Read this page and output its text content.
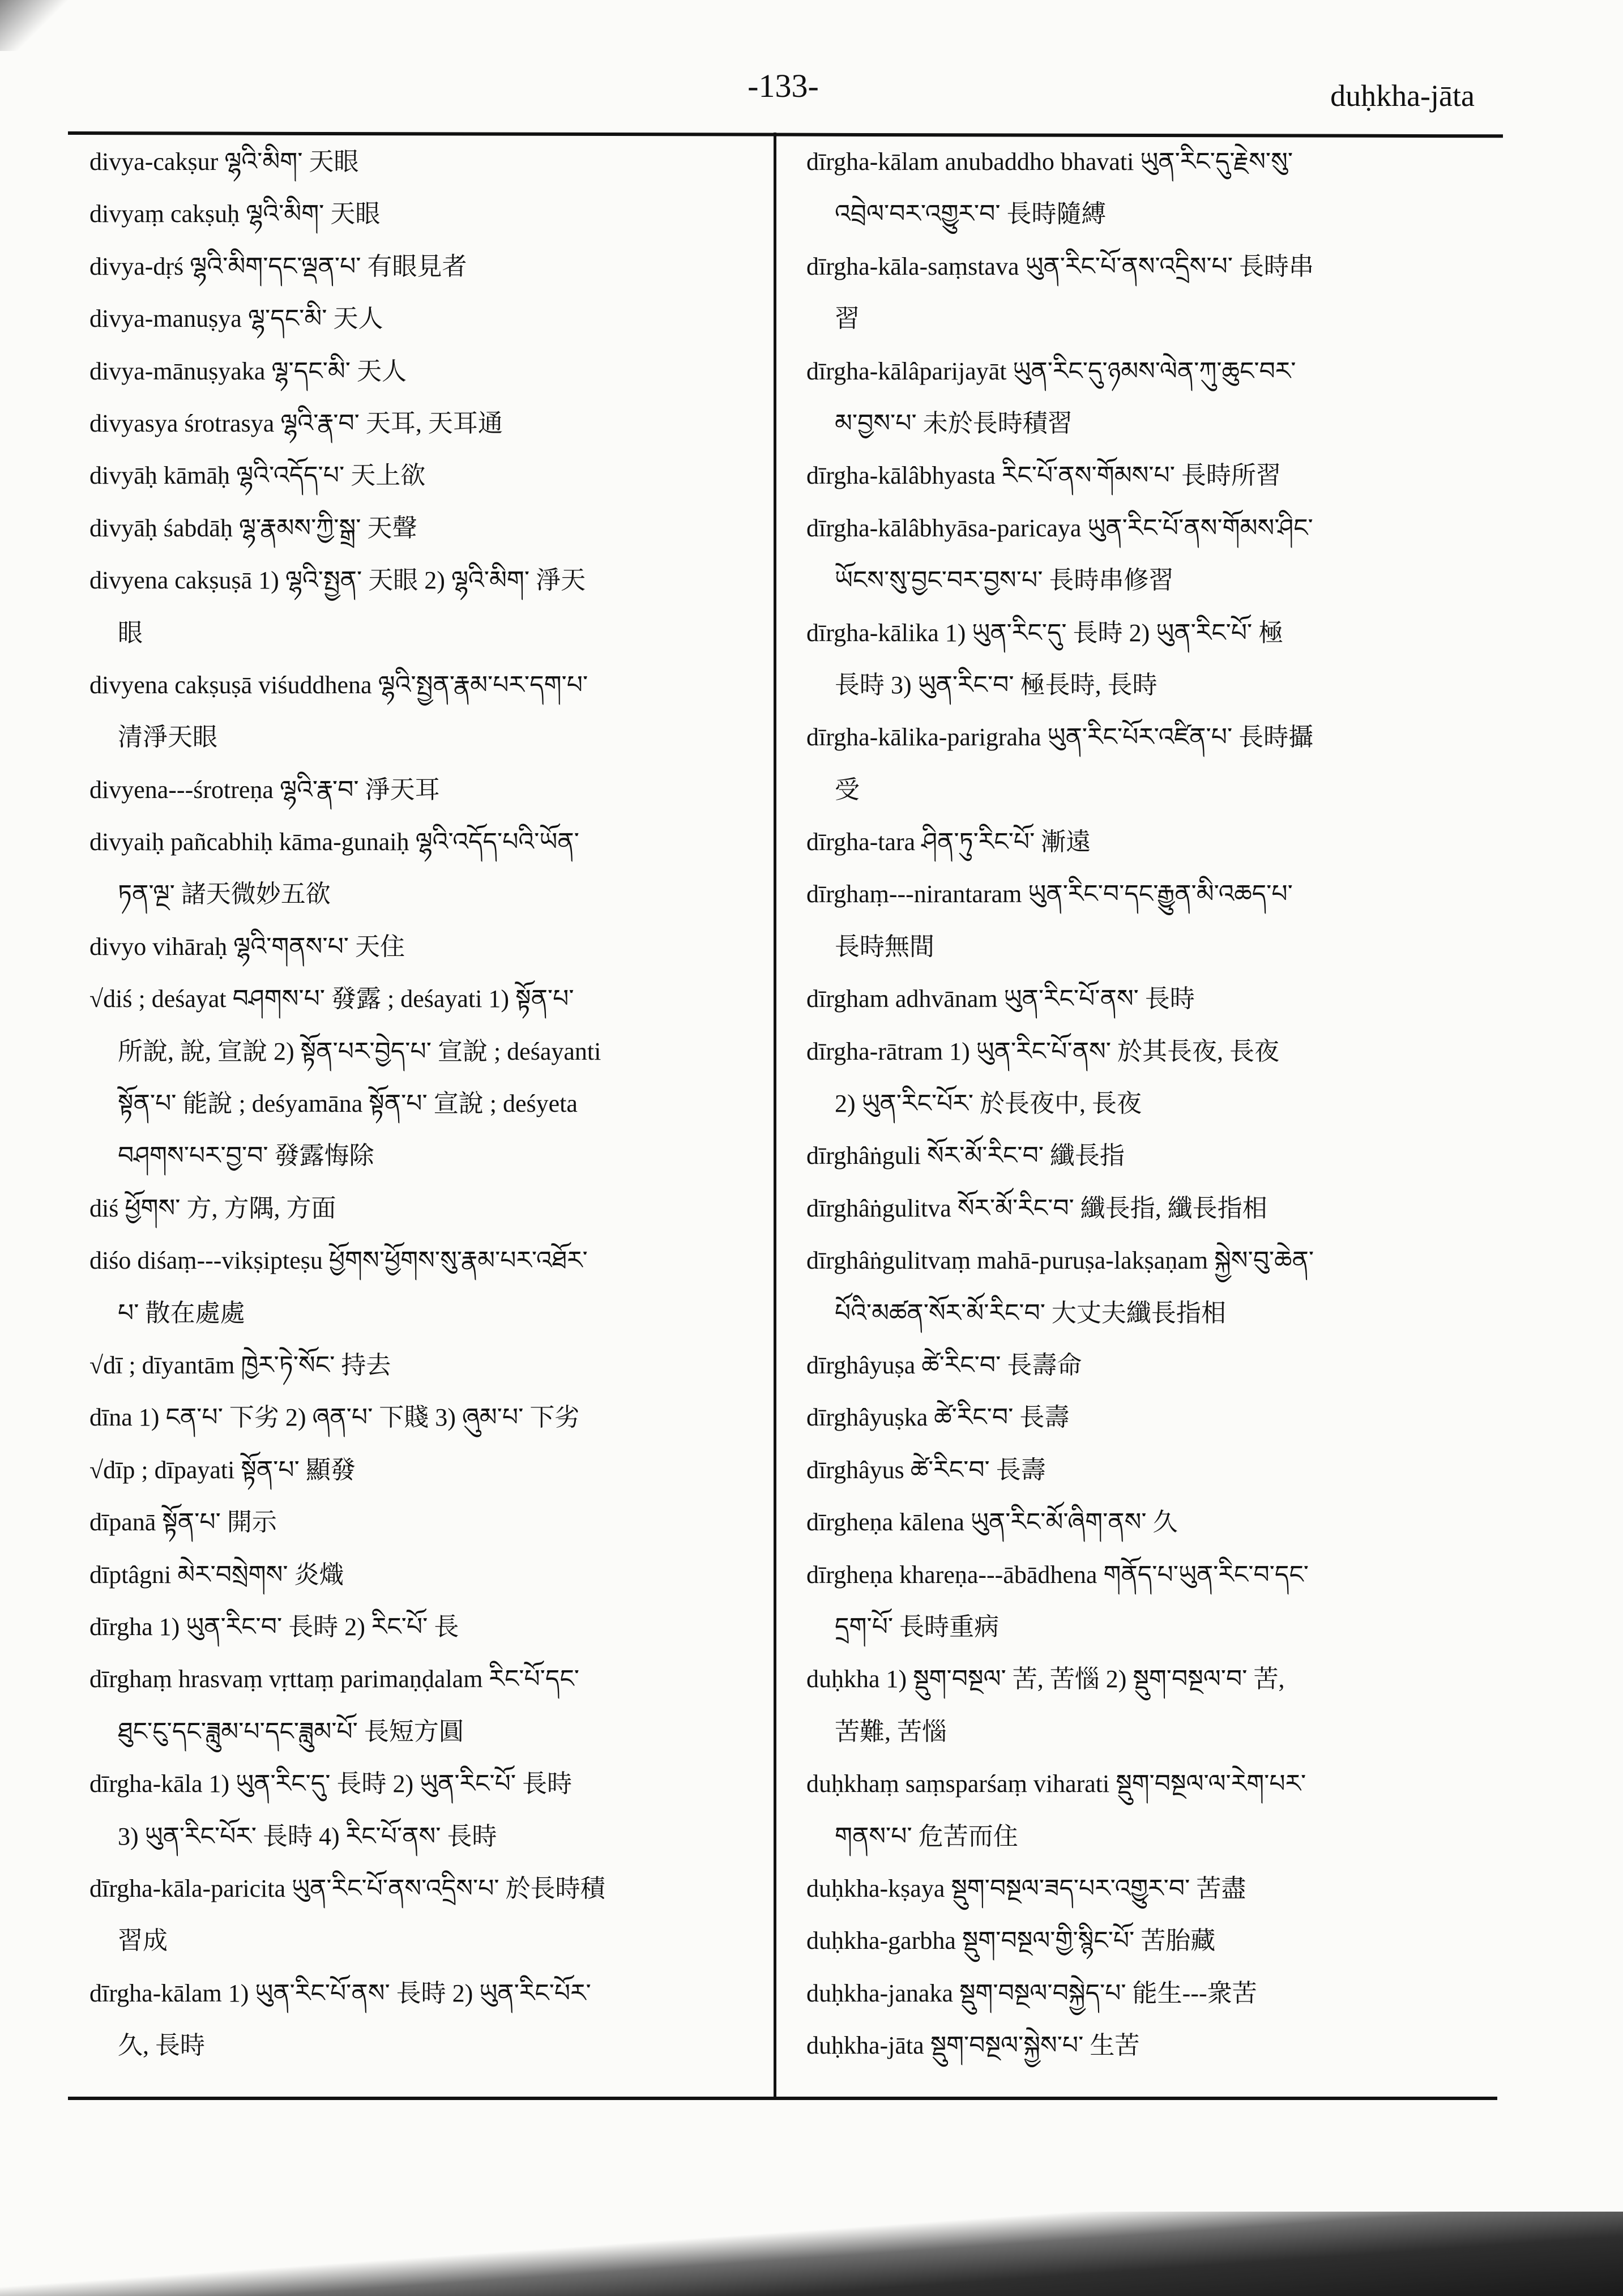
-133-	duḥkha-jāta
divya-cakṣur ལྷའི་མིག་ 天眼
divyaṃ cakṣuḥ ལྷའི་མིག་ 天眼
divya-dṛś ལྷའི་མིག་དང་ལྡན་པ་ 有眼見者
divya-manuṣya ལྷ་དང་མི་ 天人
divya-mānuṣyaka ལྷ་དང་མི་ 天人
divyasya śrotrasya ལྷའི་རྣ་བ་ 天耳, 天耳通
divyāḥ kāmāḥ ལྷའི་འདོད་པ་ 天上欲
divyāḥ śabdāḥ ལྷ་རྣམས་ཀྱི་སྒྲ་ 天聲
divyena cakṣuṣā 1) ལྷའི་སྤྱན་ 天眼 2) ལྷའི་མིག་ 淨天
眼
divyena cakṣuṣā viśuddhena ལྷའི་སྤྱན་རྣམ་པར་དག་པ་
清淨天眼
divyena---śrotreṇa ལྷའི་རྣ་བ་ 淨天耳
divyaiḥ pañcabhiḥ kāma-gunaiḥ ལྷའི་འདོད་པའི་ཡོན་
ཏན་ལྔ་ 諸天微妙五欲
divyo vihāraḥ ལྷའི་གནས་པ་ 天住
√diś ; deśayat བཤགས་པ་ 發露 ; deśayati 1) སྟོན་པ་
所說, 說, 宣說 2) སྟོན་པར་བྱེད་པ་ 宣說 ; deśayanti
སྟོན་པ་ 能說 ; deśyamāna སྟོན་པ་ 宣說 ; deśyeta
བཤགས་པར་བྱ་བ་ 發露悔除
diś ཕྱོགས་ 方, 方隅, 方面
diśo diśaṃ---vikṣipteṣu ཕྱོགས་ཕྱོགས་སུ་རྣམ་པར་འཐོར་
པ་ 散在處處
√dī ; dīyantām ཁྱེར་ཏེ་སོང་ 持去
dīna 1) ངན་པ་ 下劣 2) ཞན་པ་ 下賤 3) ཞུམ་པ་ 下劣
√dīp ; dīpayati སྟོན་པ་ 顯發
dīpanā སྟོན་པ་ 開示
dīptâgni མེར་བསྲེགས་ 炎熾
dīrgha 1) ཡུན་རིང་བ་ 長時 2) རིང་པོ་ 長
dīrghaṃ hrasvaṃ vṛttaṃ parimaṇḍalam རིང་པོ་དང་
ཐུང་ངུ་དང་ཟླུམ་པ་དང་ཟླུམ་པོ་ 長短方圓
dīrgha-kāla 1) ཡུན་རིང་དུ་ 長時 2) ཡུན་རིང་པོ་ 長時
3) ཡུན་རིང་པོར་ 長時 4) རིང་པོ་ནས་ 長時
dīrgha-kāla-paricita ཡུན་རིང་པོ་ནས་འདྲིས་པ་ 於長時積
習成
dīrgha-kālam 1) ཡུན་རིང་པོ་ནས་ 長時 2) ཡུན་རིང་པོར་
久, 長時
dīrgha-kālam anubaddho bhavati ཡུན་རིང་དུ་རྗེས་སུ་
འབྲེལ་བར་འགྱུར་བ་ 長時隨縛
dīrgha-kāla-saṃstava ཡུན་རིང་པོ་ནས་འདྲིས་པ་ 長時串
習
dīrgha-kālâparijayāt ཡུན་རིང་དུ་ཉམས་ལེན་ཀུ་ཆུང་བར་
མ་བྱས་པ་ 未於長時積習
dīrgha-kālâbhyasta རིང་པོ་ནས་གོམས་པ་ 長時所習
dīrgha-kālâbhyāsa-paricaya ཡུན་རིང་པོ་ནས་གོམས་ཤིང་
ཡོངས་སུ་བྱང་བར་བྱས་པ་ 長時串修習
dīrgha-kālika 1) ཡུན་རིང་དུ་ 長時 2) ཡུན་རིང་པོ་ 極
長時 3) ཡུན་རིང་བ་ 極長時, 長時
dīrgha-kālika-parigraha ཡུན་རིང་པོར་འཛིན་པ་ 長時攝
受
dīrgha-tara ཤིན་ཏུ་རིང་པོ་ 漸遠
dīrghaṃ---nirantaram ཡུན་རིང་བ་དང་རྒྱུན་མི་འཆད་པ་
長時無間
dīrgham adhvānam ཡུན་རིང་པོ་ནས་ 長時
dīrgha-rātram 1) ཡུན་རིང་པོ་ནས་ 於其長夜, 長夜
2) ཡུན་རིང་པོར་ 於長夜中, 長夜
dīrghâṅguli སོར་མོ་རིང་བ་ 纖長指
dīrghâṅgulitva སོར་མོ་རིང་བ་ 纖長指, 纖長指相
dīrghâṅgulitvaṃ mahā-puruṣa-lakṣaṇam སྐྱེས་བུ་ཆེན་
པོའི་མཚན་སོར་མོ་རིང་བ་ 大丈夫纖長指相
dīrghâyuṣa ཚེ་རིང་བ་ 長壽命
dīrghâyuṣka ཚེ་རིང་བ་ 長壽
dīrghâyus ཚེ་རིང་བ་ 長壽
dīrgheṇa kālena ཡུན་རིང་མོ་ཞིག་ནས་ 久
dīrgheṇa khareṇa---ābādhena གནོད་པ་ཡུན་རིང་བ་དང་
དྲག་པོ་ 長時重病
duḥkha 1) སྡུག་བསྔལ་ 苦, 苦惱 2) སྡུག་བསྔལ་བ་ 苦,
苦難, 苦惱
duḥkhaṃ saṃsparśaṃ viharati སྡུག་བསྔལ་ལ་རེག་པར་
གནས་པ་ 危苦而住
duḥkha-kṣaya སྡུག་བསྔལ་ཟད་པར་འགྱུར་བ་ 苦盡
duḥkha-garbha སྡུག་བསྔལ་གྱི་སྙིང་པོ་ 苦胎藏
duḥkha-janaka སྡུག་བསྔལ་བསྐྱེད་པ་ 能生---衆苦
duḥkha-jāta སྡུག་བསྔལ་སྐྱེས་པ་ 生苦
